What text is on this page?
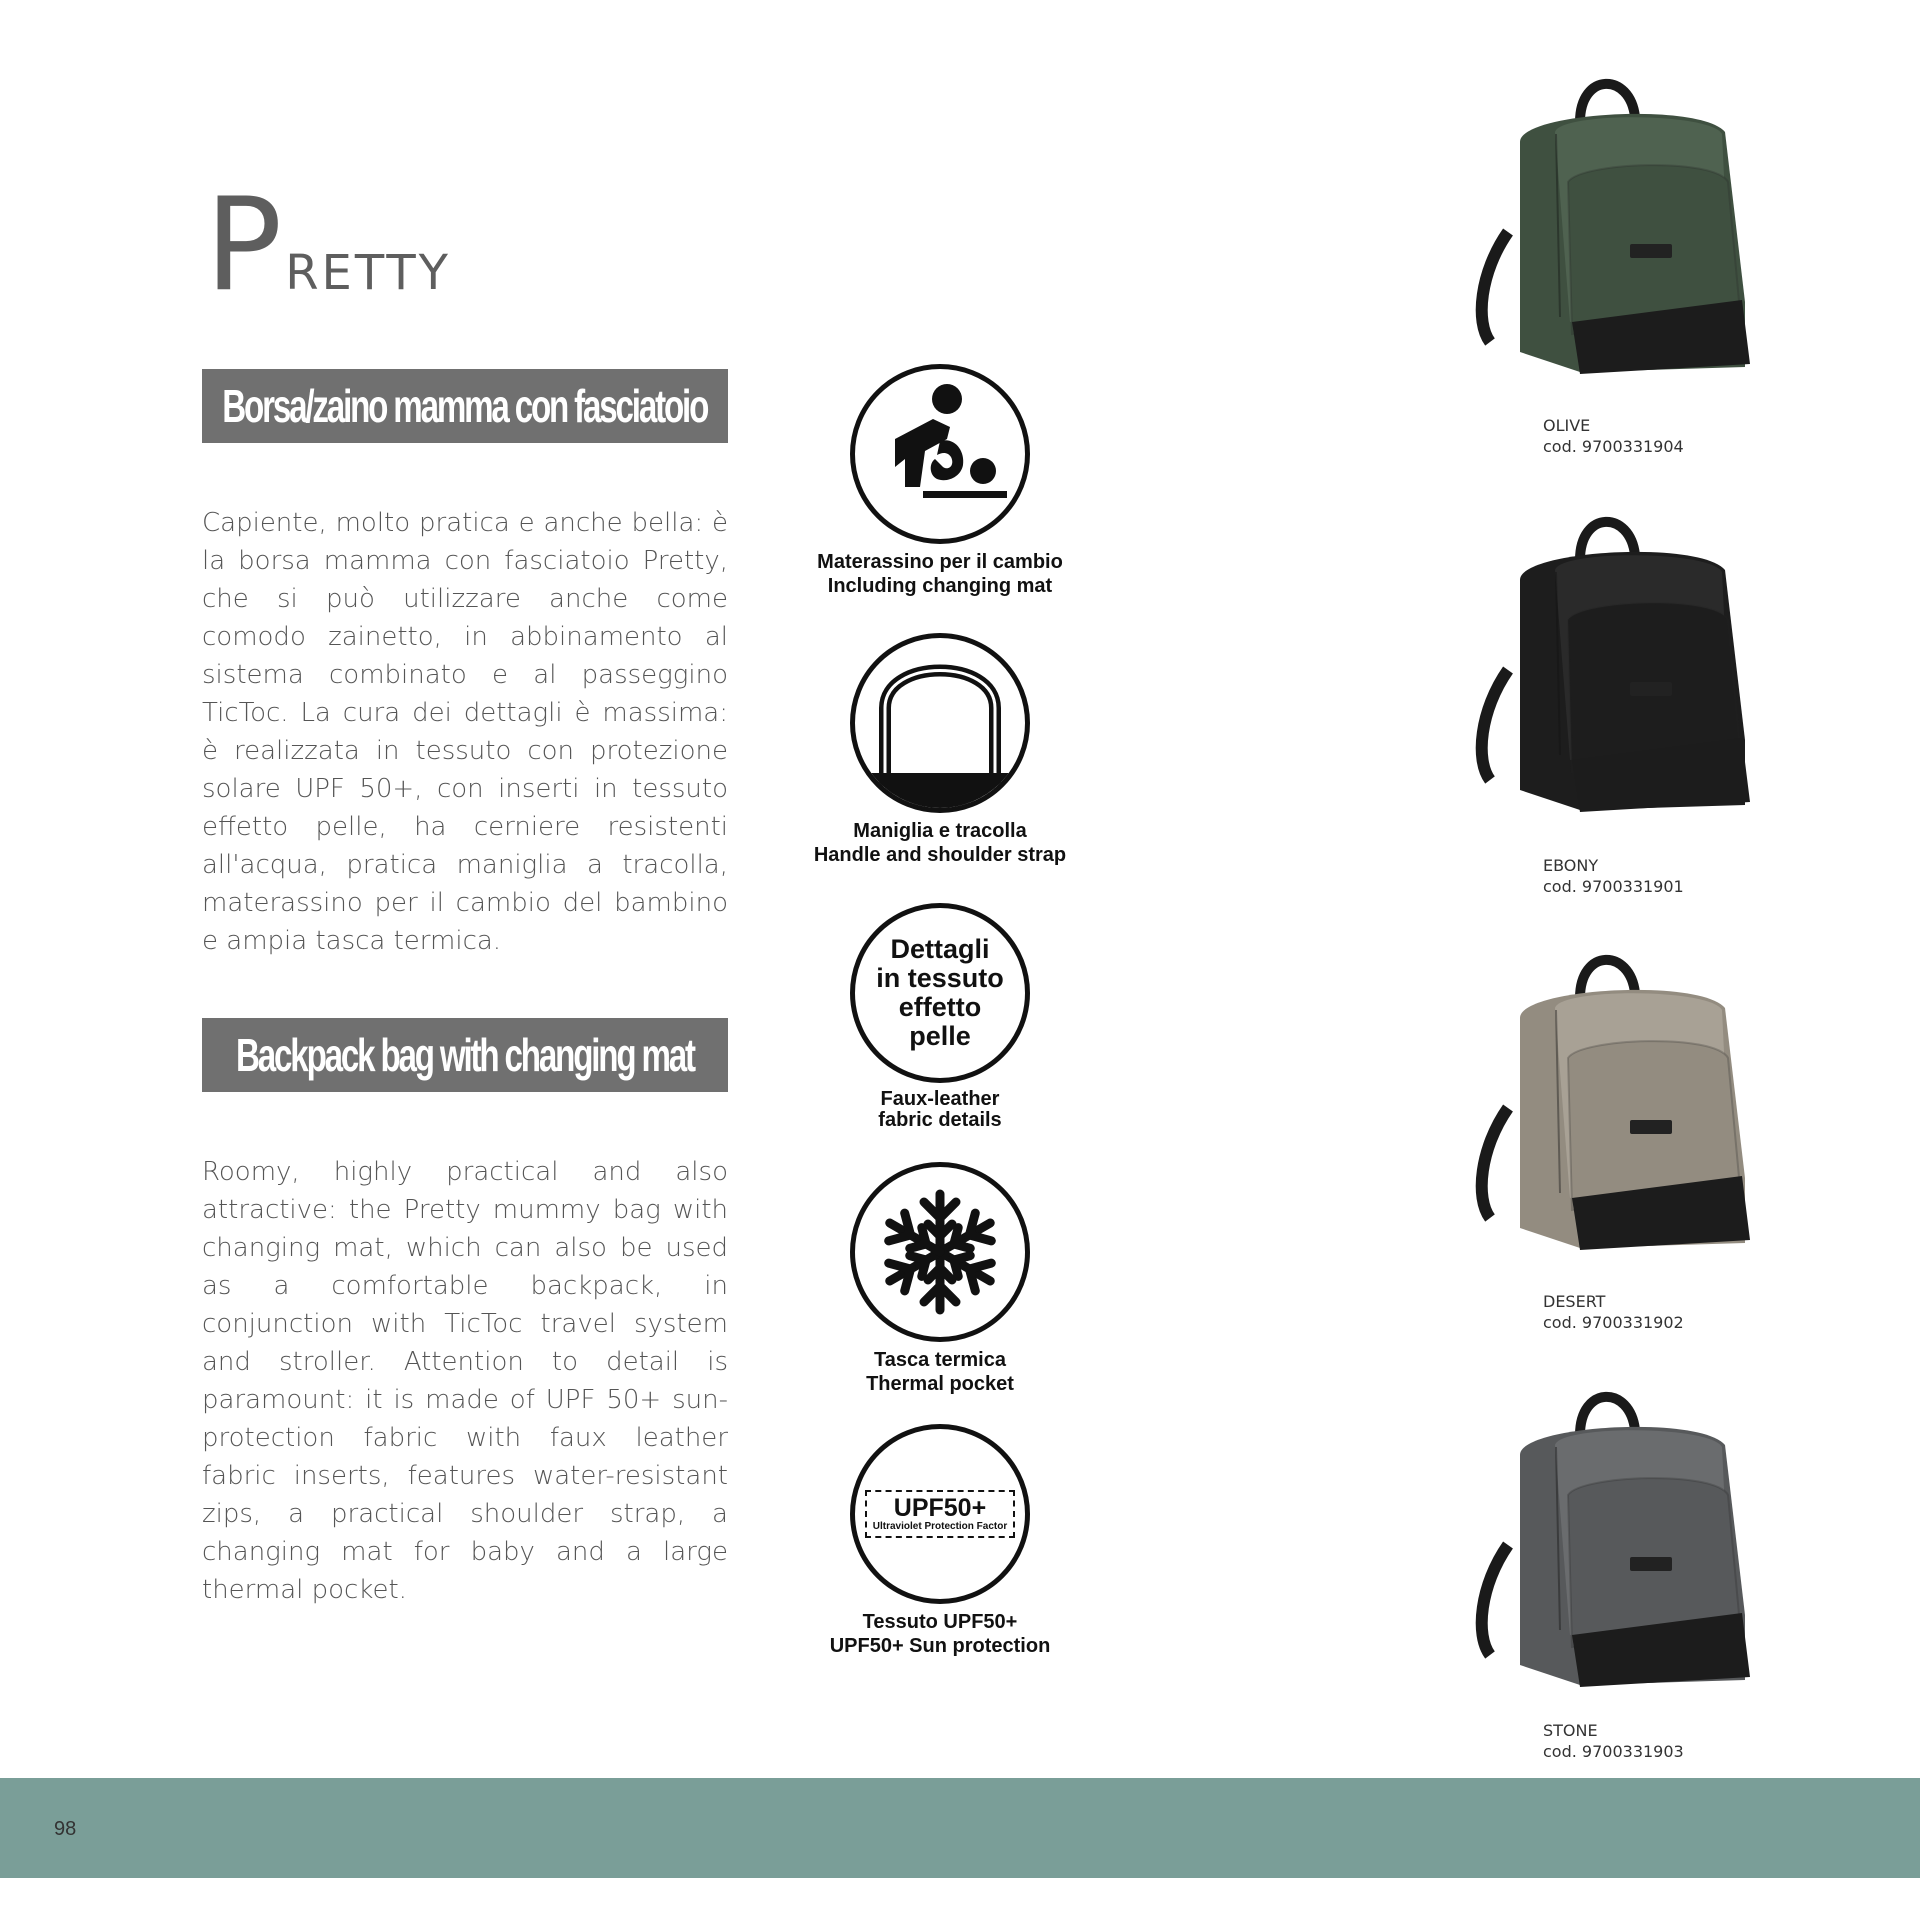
Pretty
Borsa/zaino mamma con fasciatoio

Capiente, molto pratica e anche bella: è la borsa mamma con fasciatoio Pretty, che si può utilizzare anche come comodo zainetto, in abbinamento al sistema combinato e al passeggino TicToc. La cura dei dettagli è massima: è realizzata in tessuto con protezione solare UPF 50+, con inserti in tessuto effetto pelle, ha cerniere resistenti all'acqua, pratica maniglia a tracolla, materassino per il cambio del bambino e ampia tasca termica.

Backpack bag with changing mat

Roomy, highly practical and also attractive: the Pretty mummy bag with changing mat, which can also be used as a comfortable backpack, in conjunction with TicToc travel system and stroller. Attention to detail is paramount: it is made of UPF 50+ sun-protection fabric with faux leather fabric inserts, features water-resistant zips, a practical shoulder strap, a changing mat for baby and a large thermal pocket.

Materassino per il cambio
Including changing mat
Maniglia e tracolla
Handle and shoulder strap
Dettagli
in tessuto
effetto
pelle
Faux-leather
fabric details
Tasca termica
Thermal pocket
UPF50+
Ultraviolet Protection Factor
Tessuto UPF50+
UPF50+ Sun protection
OLIVE
cod. 9700331904
EBONY
cod. 9700331901
DESERT
cod. 9700331902
STONE
cod. 9700331903
98
